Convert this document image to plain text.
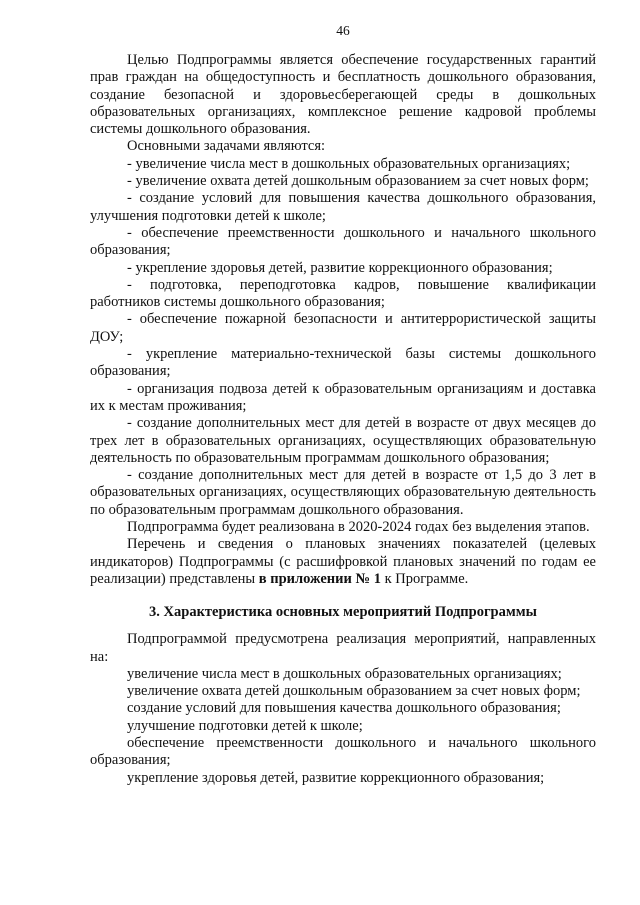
46

Целью Подпрограммы является обеспечение государственных гарантий прав граждан на общедоступность и бесплатность дошкольного образования, создание безопасной и здоровьесберегающей среды в дошкольных образовательных организациях, комплексное решение кадровой проблемы системы дошкольного образования.

Основными задачами являются:

- увеличение числа мест в дошкольных образовательных организациях;

- увеличение охвата детей дошкольным образованием за счет новых форм;

- создание условий для повышения качества дошкольного образования, улучшения подготовки детей к школе;

- обеспечение преемственности дошкольного и начального школьного образования;

- укрепление здоровья детей, развитие коррекционного образования;

- подготовка, переподготовка кадров, повышение квалификации работников системы дошкольного образования;

- обеспечение пожарной безопасности и антитеррористической защиты ДОУ;

- укрепление материально-технической базы системы дошкольного образования;

- организация подвоза детей к образовательным организациям и доставка их к местам проживания;

- создание дополнительных мест для детей в возрасте от двух месяцев до трех лет в образовательных организациях, осуществляющих образовательную деятельность по образовательным программам дошкольного образования;

- создание дополнительных мест для детей в возрасте от 1,5 до 3 лет в образовательных организациях, осуществляющих образовательную деятельность по образовательным программам дошкольного образования.

Подпрограмма будет реализована в 2020-2024 годах без выделения этапов.

Перечень и сведения о плановых значениях показателей (целевых индикаторов) Подпрограммы (с расшифровкой плановых значений по годам ее реализации) представлены в приложении № 1 к Программе.

3. Характеристика основных мероприятий Подпрограммы

Подпрограммой предусмотрена реализация мероприятий, направленных на:

увеличение числа мест в дошкольных образовательных организациях;

увеличение охвата детей дошкольным образованием за счет новых форм;

создание условий для повышения качества дошкольного образования;

улучшение подготовки детей к школе;

обеспечение преемственности дошкольного и начального школьного образования;

укрепление здоровья детей, развитие коррекционного образования;
